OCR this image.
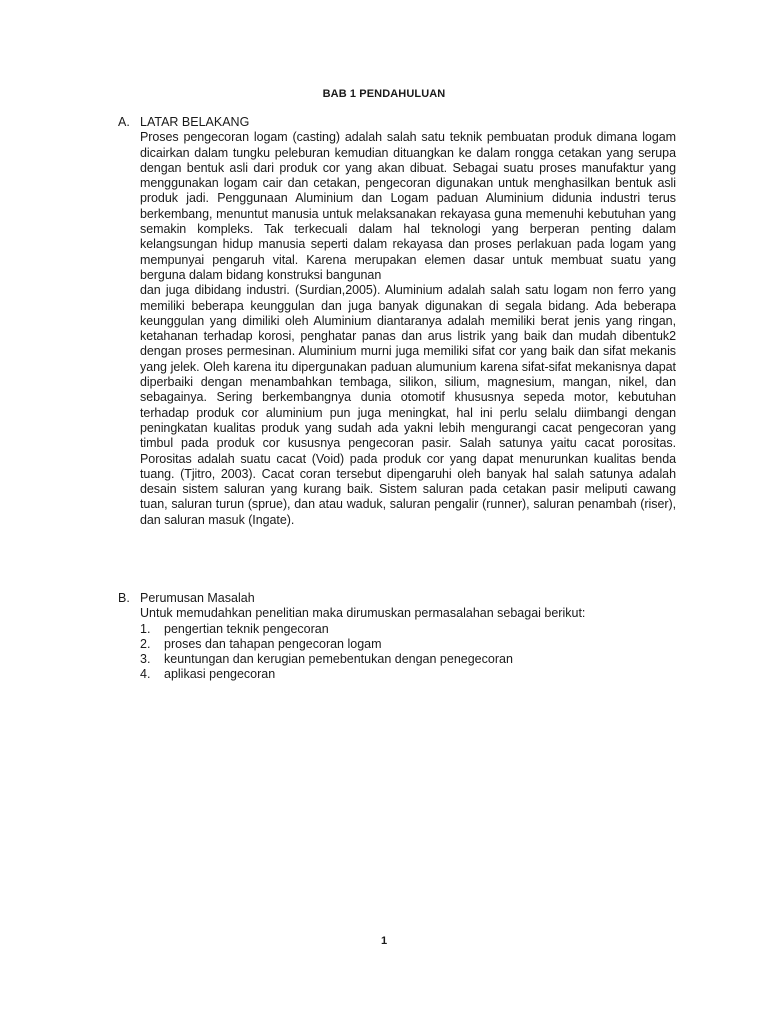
BAB 1 PENDAHULUAN
A. LATAR BELAKANG

Proses pengecoran logam (casting) adalah salah satu teknik pembuatan produk dimana logam dicairkan dalam tungku peleburan kemudian dituangkan ke dalam rongga cetakan yang serupa dengan bentuk asli dari produk cor yang akan dibuat. Sebagai suatu proses manufaktur yang menggunakan logam cair dan cetakan, pengecoran digunakan untuk menghasilkan bentuk asli produk jadi. Penggunaan Aluminium dan Logam paduan Aluminium didunia industri terus berkembang, menuntut manusia untuk melaksanakan rekayasa guna memenuhi kebutuhan yang semakin kompleks. Tak terkecuali dalam hal teknologi yang berperan penting dalam kelangsungan hidup manusia seperti dalam rekayasa dan proses perlakuan pada logam yang mempunyai pengaruh vital. Karena merupakan elemen dasar untuk membuat suatu yang berguna dalam bidang konstruksi bangunan

dan juga dibidang industri. (Surdian,2005). Aluminium adalah salah satu logam non ferro yang memiliki beberapa keunggulan dan juga banyak digunakan di segala bidang. Ada beberapa keunggulan yang dimiliki oleh Aluminium diantaranya adalah memiliki berat jenis yang ringan, ketahanan terhadap korosi, penghatar panas dan arus listrik yang baik dan mudah dibentuk2 dengan proses permesinan. Aluminium murni juga memiliki sifat cor yang baik dan sifat mekanis yang jelek. Oleh karena itu dipergunakan paduan alumunium karena sifat-sifat mekanisnya dapat diperbaiki dengan menambahkan tembaga, silikon, silium, magnesium, mangan, nikel, dan sebagainya. Sering berkembangnya dunia otomotif khususnya sepeda motor, kebutuhan terhadap produk cor aluminium pun juga meningkat, hal ini perlu selalu diimbangi dengan peningkatan kualitas produk yang sudah ada yakni lebih mengurangi cacat pengecoran yang timbul pada produk cor kususnya pengecoran pasir. Salah satunya yaitu cacat porositas. Porositas adalah suatu cacat (Void) pada produk cor yang dapat menurunkan kualitas benda tuang. (Tjitro, 2003). Cacat coran tersebut dipengaruhi oleh banyak hal salah satunya adalah desain sistem saluran yang kurang baik. Sistem saluran pada cetakan pasir meliputi cawang tuan, saluran turun (sprue), dan atau waduk, saluran pengalir (runner), saluran penambah (riser), dan saluran masuk (Ingate).

B. Perumusan Masalah

Untuk memudahkan penelitian maka dirumuskan permasalahan sebagai berikut:

1.	pengertian teknik pengecoran
2.	proses dan tahapan pengecoran logam
3.	keuntungan dan kerugian pemebentukan dengan penegecoran
4.	aplikasi pengecoran
1
